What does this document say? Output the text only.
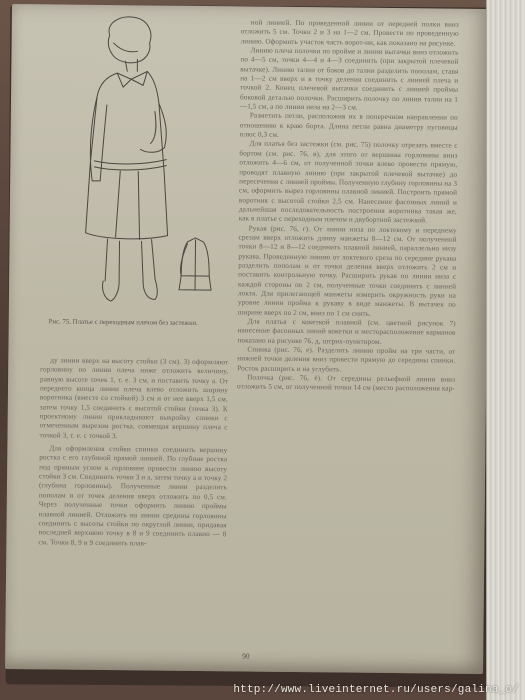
Рис. 75. Платье с переходным плечом без застежки.

ду линии вверх на высоту стойки (3 см). 3) оформляют горловину по линии плеча ниже отложить величину, равную высоте точек 1, т. е. 3 см, и поставить точку а. От переднего конца линии плеча влево отложить ширину воротника (вместе со стойкой) 3 см и от нее вверх 1,5 см, затем точку 1,5 соединить с высотой стойки (точка 3). К проектному линии прикладывают выкройку спинки с отмеченным вырезом ростка, совмещая вершину плеча с точкой 3, т. е. с точкой 3.

Для оформления стойки спинки соединить вершину ростка с его глубиной прямой линией. По глубине ростка под прямым углом к горловине провести линию высоту стойки 3 см. Соединить точки 3 и а, затем точку а и точку 2 (глубина горловины). Полученные линии разделить пополам и от точек деления вверх отложить по 0,5 см. Через полученные точки оформить линию проймы плавной линией. Отложить на линии средины горловины соединить с высоты стойки по округлой линии, придавая последней верхнюю точку в 8 и 9 соединить плавно — 8 см. Точки 8, 9 и 9 соединить плав-

ной линией. По приведенной линии от передней полки вниз отложить 5 см. Точки 2 и 3 на 1—2 см. Провести по проведенную линию. Оформить участок часть ворот-ни, как показано на рисунке.

Линию плеча полочки по пройме и линии вытачки вниз отложить по 4—5 см, точки 4—4 и 4—3 соединить (при закрытой плечевой вытачке). Линию талии от боков до талии разделить пополам, ставя на 1—2 см вверх и в точку деления соединить с линией плеча и точкой 2. Конец плечевой вытачки соединить с линией проймы боковой деталью полочки. Расширить полочку по линии талии на 1—1,5 см, а по линии низа на 2—3 см.

Разметить петли, расположив их в поперечном направлении по отношению к краю борта. Длина петли равна диаметру пуговицы плюс 0,3 см.

Для платья без застежки (см. рис. 75) полочку отрезать вместе с бортом (см. рис. 76, в), для этого от вершины горловины вниз отложить 4—6 см, от полученной точки влево провести прямую, проводят плавную линию (при закрытой плечевой вытачке) до пересечения с линией проймы. Полученную глубину горловины на 3 см, оформить вырез горловины плавной линией. Построить прямой воротник с высотой стойки 2,5 см. Нанесение фасонных линий и дальнейшая последовательность построения воротника такая же, как в платье с переходным плечом и двубортной застежкой.

Рукав (рис. 76, г). От линии низа по локтевому и переднему срезам вверх отложить длину манжеты 8—12 см. От полученной точки 8—12 и 8—12 соединить плавной линией, параллельно низу рукава. Проведенную линию от локтевого среза по середине рукава разделить пополам и от точки деления вверх отложить 2 см и поставить контрольную точку. Расширить рукав по линии низа с каждой стороны по 2 см, полученные точки соединить с линией локтя. Для прилегающей манжеты измерить окружность руки на уровне линии пройма к рукаву в виде манжеты. В вытачек по ширине вверх по 2 см, вниз по 1 см снять.

Для платья с кокеткой плавной (см. цветной рисунок 7) нанесение фасонных линий кокетки и месторасположение карманов показано на рисунке 76, д, штрих-пунктиром.

Спинка (рис. 76, е). Разделить линию пройм на три части, от нижней точки деления вниз провести прямую до середины спинки. Росток расширить и на углубить.

Полочка (рис. 76, ё). От середины рельефной линии вниз отложить 5 см, от полученной точки 14 см (место расположения кар-

90
http://www.liveinternet.ru/users/galina_o/
